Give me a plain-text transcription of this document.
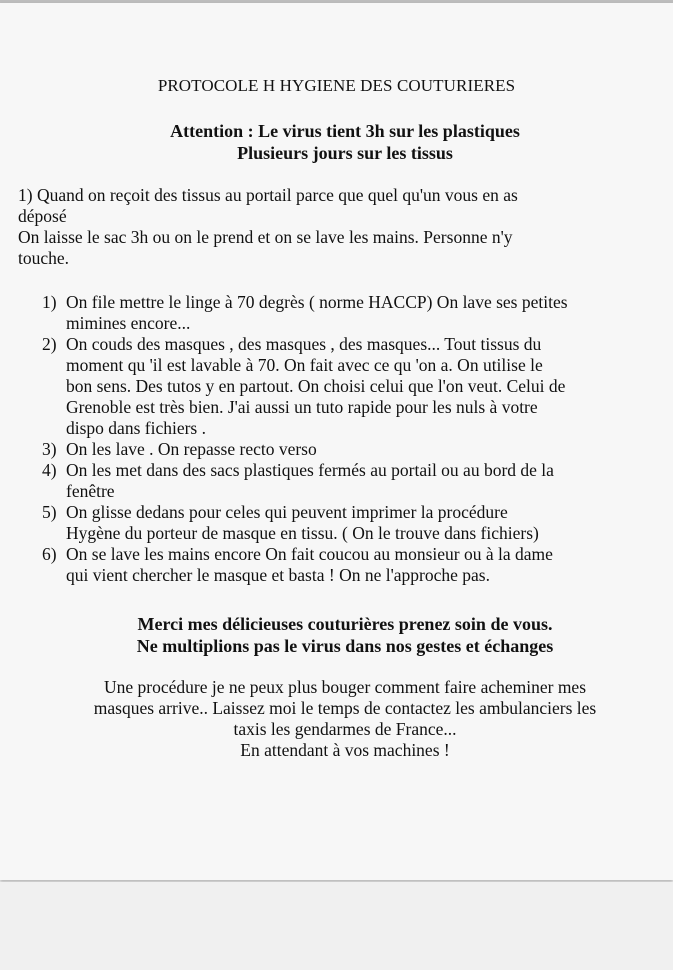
PROTOCOLE H HYGIENE DES COUTURIERES
Attention : Le virus tient 3h sur les plastiques
Plusieurs jours sur les tissus
1) Quand on reçoit des tissus au portail parce que quel qu'un vous en as
déposé
On laisse le sac 3h ou on le prend et on se lave les mains. Personne n'y
touche.
1) On file mettre le linge à 70 degrès ( norme HACCP) On lave ses petites
mimines encore...
2) On couds des masques , des masques , des masques... Tout tissus du
moment qu 'il est lavable à 70. On fait avec ce qu 'on a. On utilise le
bon sens. Des tutos y en partout. On choisi celui que l'on veut. Celui de
Grenoble est très bien. J'ai aussi un tuto rapide pour les nuls à votre
dispo dans fichiers .
3) On les lave . On repasse recto verso
4) On les met dans des sacs plastiques fermés au portail ou au bord de la
fenêtre
5) On glisse dedans pour celes qui peuvent imprimer la procédure
Hygène du porteur de masque en tissu. ( On le trouve dans fichiers)
6) On se lave les mains encore On fait coucou au monsieur ou à la dame
qui vient chercher le masque et basta ! On ne l'approche pas.
Merci mes délicieuses couturières prenez soin de vous.
Ne multiplions pas le virus dans nos gestes et échanges
Une procédure je ne peux plus bouger comment faire acheminer mes
masques arrive.. Laissez moi le temps de contactez les ambulanciers les
taxis les gendarmes de France...
En attendant à vos machines !
